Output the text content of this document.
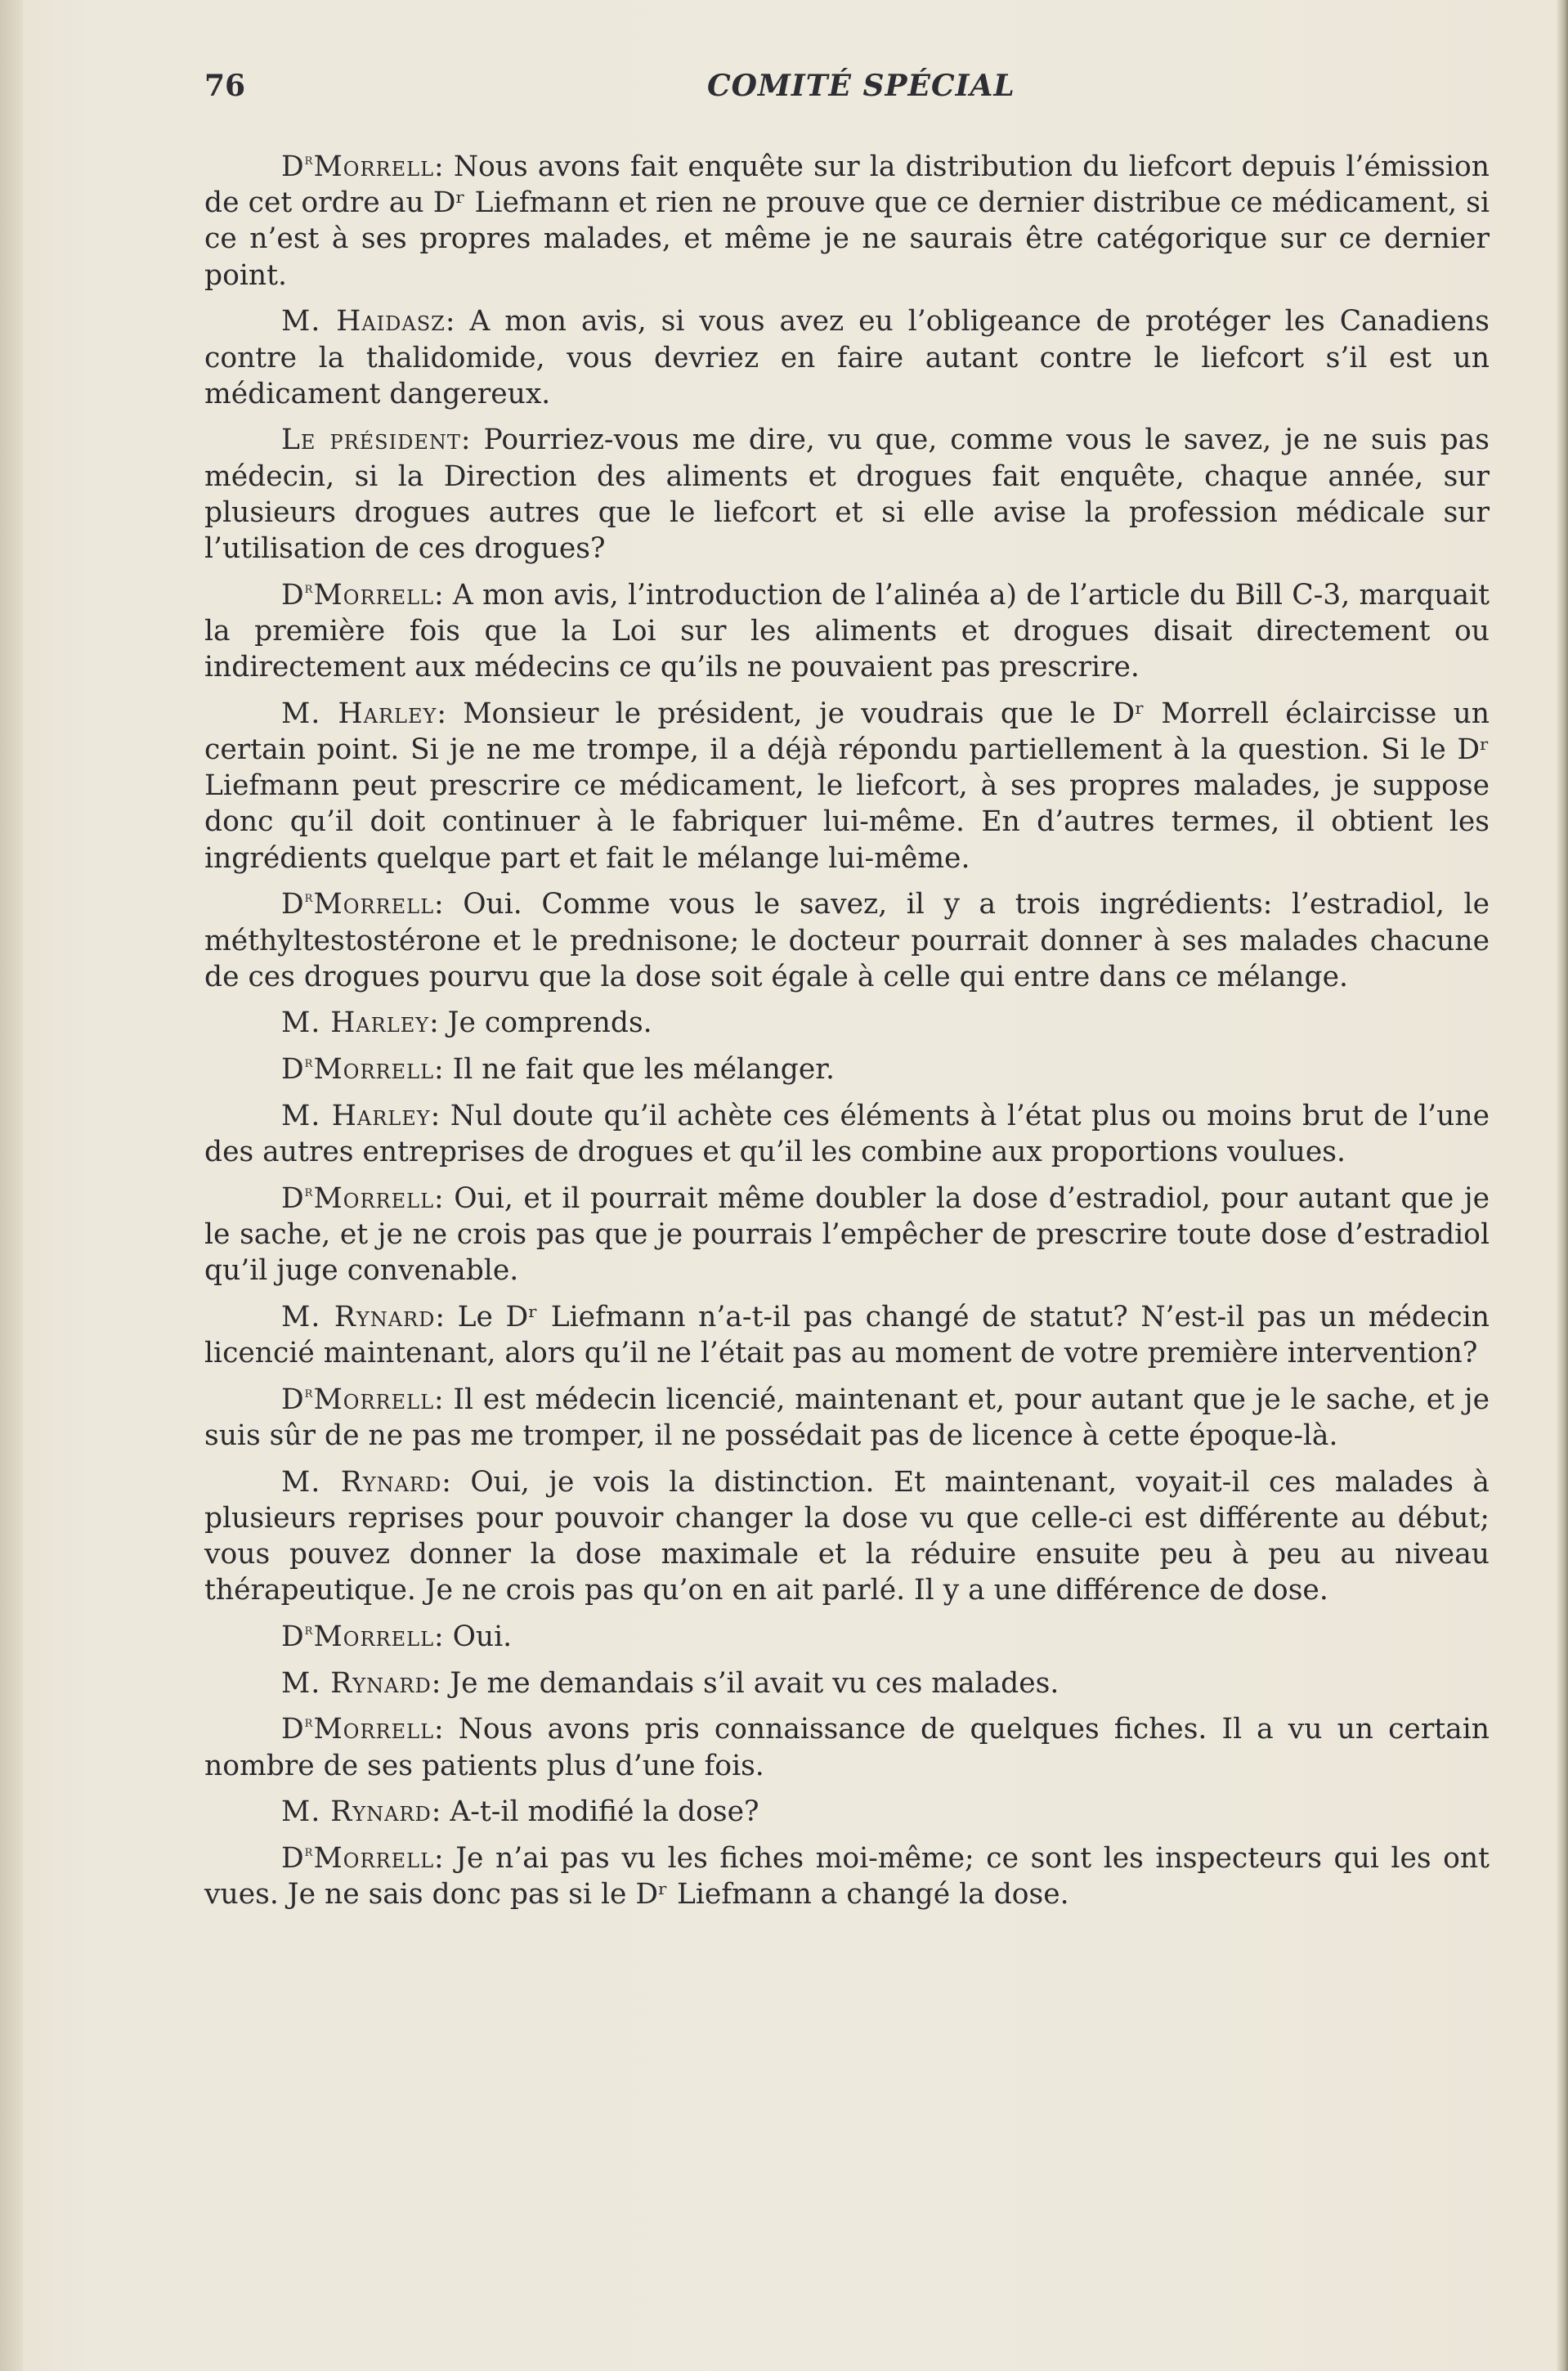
76	COMITÉ SPÉCIAL

$D^rMorrell$: Nous avons fait enquête sur la distribution du liefcort depuis l’émission de cet ordre au Dʳ Liefmann et rien ne prouve que ce dernier distribue ce médicament, si ce n’est à ses propres malades, et même je ne saurais être catégorique sur ce dernier point.

M. Haidasz: A mon avis, si vous avez eu l’obligeance de protéger les Canadiens contre la thalidomide, vous devriez en faire autant contre le liefcort s’il est un médicament dangereux.

Le président: Pourriez-vous me dire, vu que, comme vous le savez, je ne suis pas médecin, si la Direction des aliments et drogues fait enquête, chaque année, sur plusieurs drogues autres que le liefcort et si elle avise la profession médicale sur l’utilisation de ces drogues?

$D^rMorrell$: A mon avis, l’introduction de l’alinéa a) de l’article du Bill C-3, marquait la première fois que la Loi sur les aliments et drogues disait directement ou indirectement aux médecins ce qu’ils ne pouvaient pas prescrire.

M. Harley: Monsieur le président, je voudrais que le Dʳ Morrell éclaircisse un certain point. Si je ne me trompe, il a déjà répondu partiellement à la question. Si le Dʳ Liefmann peut prescrire ce médicament, le liefcort, à ses propres malades, je suppose donc qu’il doit continuer à le fabriquer lui-même. En d’autres termes, il obtient les ingrédients quelque part et fait le mélange lui-même.

$D^rMorrell$: Oui. Comme vous le savez, il y a trois ingrédients: l’estradiol, le méthyltestostérone et le prednisone; le docteur pourrait donner à ses malades chacune de ces drogues pourvu que la dose soit égale à celle qui entre dans ce mélange.

M. Harley: Je comprends.

$D^rMorrell$: Il ne fait que les mélanger.

M. Harley: Nul doute qu’il achète ces éléments à l’état plus ou moins brut de l’une des autres entreprises de drogues et qu’il les combine aux proportions voulues.

$D^rMorrell$: Oui, et il pourrait même doubler la dose d’estradiol, pour autant que je le sache, et je ne crois pas que je pourrais l’empêcher de prescrire toute dose d’estradiol qu’il juge convenable.

M. Rynard: Le Dʳ Liefmann n’a-t-il pas changé de statut? N’est-il pas un médecin licencié maintenant, alors qu’il ne l’était pas au moment de votre première intervention?

$D^rMorrell$: Il est médecin licencié, maintenant et, pour autant que je le sache, et je suis sûr de ne pas me tromper, il ne possédait pas de licence à cette époque-là.

M. Rynard: Oui, je vois la distinction. Et maintenant, voyait-il ces malades à plusieurs reprises pour pouvoir changer la dose vu que celle-ci est différente au début; vous pouvez donner la dose maximale et la réduire ensuite peu à peu au niveau thérapeutique. Je ne crois pas qu’on en ait parlé. Il y a une différence de dose.

$D^rMorrell$: Oui.

M. Rynard: Je me demandais s’il avait vu ces malades.

$D^rMorrell$: Nous avons pris connaissance de quelques fiches. Il a vu un certain nombre de ses patients plus d’une fois.

M. Rynard: A-t-il modifié la dose?

$D^rMorrell$: Je n’ai pas vu les fiches moi-même; ce sont les inspecteurs qui les ont vues. Je ne sais donc pas si le Dʳ Liefmann a changé la dose.
